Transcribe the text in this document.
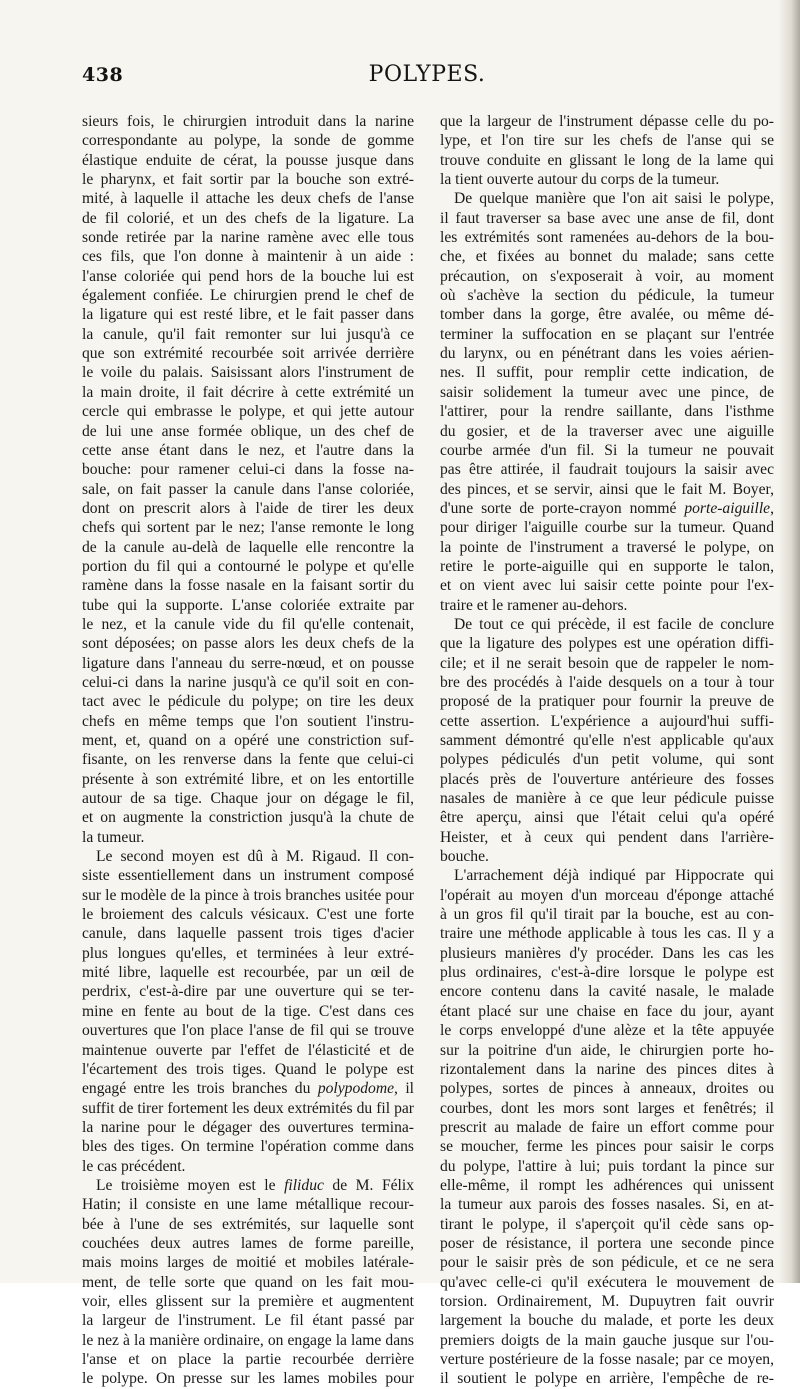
438	POLYPES.
sieurs fois, le chirurgien introduit dans la narine
correspondante au polype, la sonde de gomme
élastique enduite de cérat, la pousse jusque dans
le pharynx, et fait sortir par la bouche son extré-
mité, à laquelle il attache les deux chefs de l'anse
de fil colorié, et un des chefs de la ligature. La
sonde retirée par la narine ramène avec elle tous
ces fils, que l'on donne à maintenir à un aide :
l'anse coloriée qui pend hors de la bouche lui est
également confiée. Le chirurgien prend le chef de
la ligature qui est resté libre, et le fait passer dans
la canule, qu'il fait remonter sur lui jusqu'à ce
que son extrémité recourbée soit arrivée derrière
le voile du palais. Saisissant alors l'instrument de
la main droite, il fait décrire à cette extrémité un
cercle qui embrasse le polype, et qui jette autour
de lui une anse formée oblique, un des chef de
cette anse étant dans le nez, et l'autre dans la
bouche: pour ramener celui-ci dans la fosse na-
sale, on fait passer la canule dans l'anse coloriée,
dont on prescrit alors à l'aide de tirer les deux
chefs qui sortent par le nez; l'anse remonte le long
de la canule au-delà de laquelle elle rencontre la
portion du fil qui a contourné le polype et qu'elle
ramène dans la fosse nasale en la faisant sortir du
tube qui la supporte. L'anse coloriée extraite par
le nez, et la canule vide du fil qu'elle contenait,
sont déposées; on passe alors les deux chefs de la
ligature dans l'anneau du serre-nœud, et on pousse
celui-ci dans la narine jusqu'à ce qu'il soit en con-
tact avec le pédicule du polype; on tire les deux
chefs en même temps que l'on soutient l'instru-
ment, et, quand on a opéré une constriction suf-
fisante, on les renverse dans la fente que celui-ci
présente à son extrémité libre, et on les entortille
autour de sa tige. Chaque jour on dégage le fil,
et on augmente la constriction jusqu'à la chute de
la tumeur.
Le second moyen est dû à M. Rigaud. Il con-
siste essentiellement dans un instrument composé
sur le modèle de la pince à trois branches usitée pour
le broiement des calculs vésicaux. C'est une forte
canule, dans laquelle passent trois tiges d'acier
plus longues qu'elles, et terminées à leur extré-
mité libre, laquelle est recourbée, par un œil de
perdrix, c'est-à-dire par une ouverture qui se ter-
mine en fente au bout de la tige. C'est dans ces
ouvertures que l'on place l'anse de fil qui se trouve
maintenue ouverte par l'effet de l'élasticité et de
l'écartement des trois tiges. Quand le polype est
engagé entre les trois branches du polypodome, il
suffit de tirer fortement les deux extrémités du fil par
la narine pour le dégager des ouvertures termina-
bles des tiges. On termine l'opération comme dans
le cas précédent.
Le troisième moyen est le filiduc de M. Félix
Hatin; il consiste en une lame métallique recour-
bée à l'une de ses extrémités, sur laquelle sont
couchées deux autres lames de forme pareille,
mais moins larges de moitié et mobiles latérale-
ment, de telle sorte que quand on les fait mou-
voir, elles glissent sur la première et augmentent
la largeur de l'instrument. Le fil étant passé par
le nez à la manière ordinaire, on engage la lame dans
l'anse et on place la partie recourbée derrière
le polype. On presse sur les lames mobiles pour
que la largeur de l'instrument dépasse celle du po-
lype, et l'on tire sur les chefs de l'anse qui se
trouve conduite en glissant le long de la lame qui
la tient ouverte autour du corps de la tumeur.
De quelque manière que l'on ait saisi le polype,
il faut traverser sa base avec une anse de fil, dont
les extrémités sont ramenées au-dehors de la bou-
che, et fixées au bonnet du malade; sans cette
précaution, on s'exposerait à voir, au moment
où s'achève la section du pédicule, la tumeur
tomber dans la gorge, être avalée, ou même dé-
terminer la suffocation en se plaçant sur l'entrée
du larynx, ou en pénétrant dans les voies aérien-
nes. Il suffit, pour remplir cette indication, de
saisir solidement la tumeur avec une pince, de
l'attirer, pour la rendre saillante, dans l'isthme
du gosier, et de la traverser avec une aiguille
courbe armée d'un fil. Si la tumeur ne pouvait
pas être attirée, il faudrait toujours la saisir avec
des pinces, et se servir, ainsi que le fait M. Boyer,
d'une sorte de porte-crayon nommé porte-aiguille,
pour diriger l'aiguille courbe sur la tumeur. Quand
la pointe de l'instrument a traversé le polype, on
retire le porte-aiguille qui en supporte le talon,
et on vient avec lui saisir cette pointe pour l'ex-
traire et le ramener au-dehors.
De tout ce qui précède, il est facile de conclure
que la ligature des polypes est une opération diffi-
cile; et il ne serait besoin que de rappeler le nom-
bre des procédés à l'aide desquels on a tour à tour
proposé de la pratiquer pour fournir la preuve de
cette assertion. L'expérience a aujourd'hui suffi-
samment démontré qu'elle n'est applicable qu'aux
polypes pédiculés d'un petit volume, qui sont
placés près de l'ouverture antérieure des fosses
nasales de manière à ce que leur pédicule puisse
être aperçu, ainsi que l'était celui qu'a opéré
Heister, et à ceux qui pendent dans l'arrière-
bouche.
L'arrachement déjà indiqué par Hippocrate qui
l'opérait au moyen d'un morceau d'éponge attaché
à un gros fil qu'il tirait par la bouche, est au con-
traire une méthode applicable à tous les cas. Il y a
plusieurs manières d'y procéder. Dans les cas les
plus ordinaires, c'est-à-dire lorsque le polype est
encore contenu dans la cavité nasale, le malade
étant placé sur une chaise en face du jour, ayant
le corps enveloppé d'une alèze et la tête appuyée
sur la poitrine d'un aide, le chirurgien porte ho-
rizontalement dans la narine des pinces dites à
polypes, sortes de pinces à anneaux, droites ou
courbes, dont les mors sont larges et fenêtrés; il
prescrit au malade de faire un effort comme pour
se moucher, ferme les pinces pour saisir le corps
du polype, l'attire à lui; puis tordant la pince sur
elle-même, il rompt les adhérences qui unissent
la tumeur aux parois des fosses nasales. Si, en at-
tirant le polype, il s'aperçoit qu'il cède sans op-
poser de résistance, il portera une seconde pince
pour le saisir près de son pédicule, et ce ne sera
qu'avec celle-ci qu'il exécutera le mouvement de
torsion. Ordinairement, M. Dupuytren fait ouvrir
largement la bouche du malade, et porte les deux
premiers doigts de la main gauche jusque sur l'ou-
verture postérieure de la fosse nasale; par ce moyen,
il soutient le polype en arrière, l'empêche de re-
